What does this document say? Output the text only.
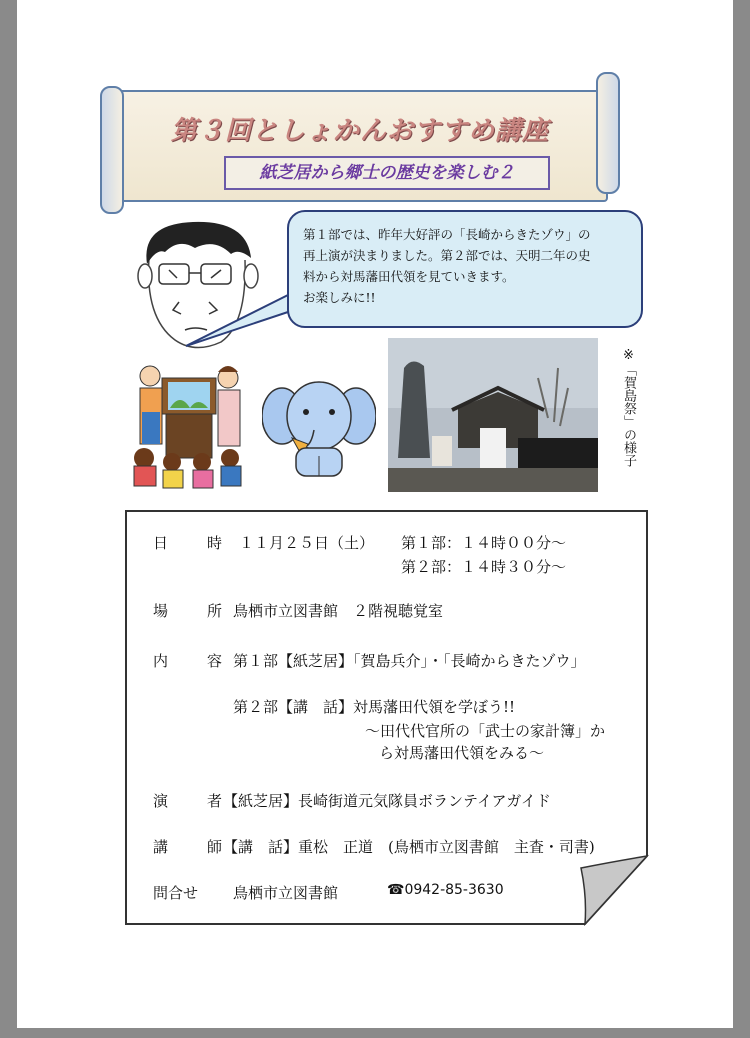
第３回としょかんおすすめ講座
紙芝居から郷士の歴史を楽しむ２
第１部では、昨年大好評の「長崎からきたゾウ」の
再上演が決まりました。第２部では、天明二年の史
料から対馬藩田代領を見ていきます。
お楽しみに!!
※「賀島祭」の様子
日　時 １１月２５日（土） 第１部：１４時００分～
第２部：１４時３０分～
場　所
鳥栖市立図書館　２階視聴覚室
内　容
第１部【紙芝居】「賀島兵介」・「長崎からきたゾウ」
第２部【講　話】対馬藩田代領を学ぼう!!
～田代代官所の「武士の家計簿」か
ら対馬藩田代領をみる～
演　者
【紙芝居】長崎街道元気隊員ボランテイアガイド
講　師
【講　話】重松　正道　(鳥栖市立図書館　主査・司書)
問合せ 鳥栖市立図書館	☎0942-85-3630
